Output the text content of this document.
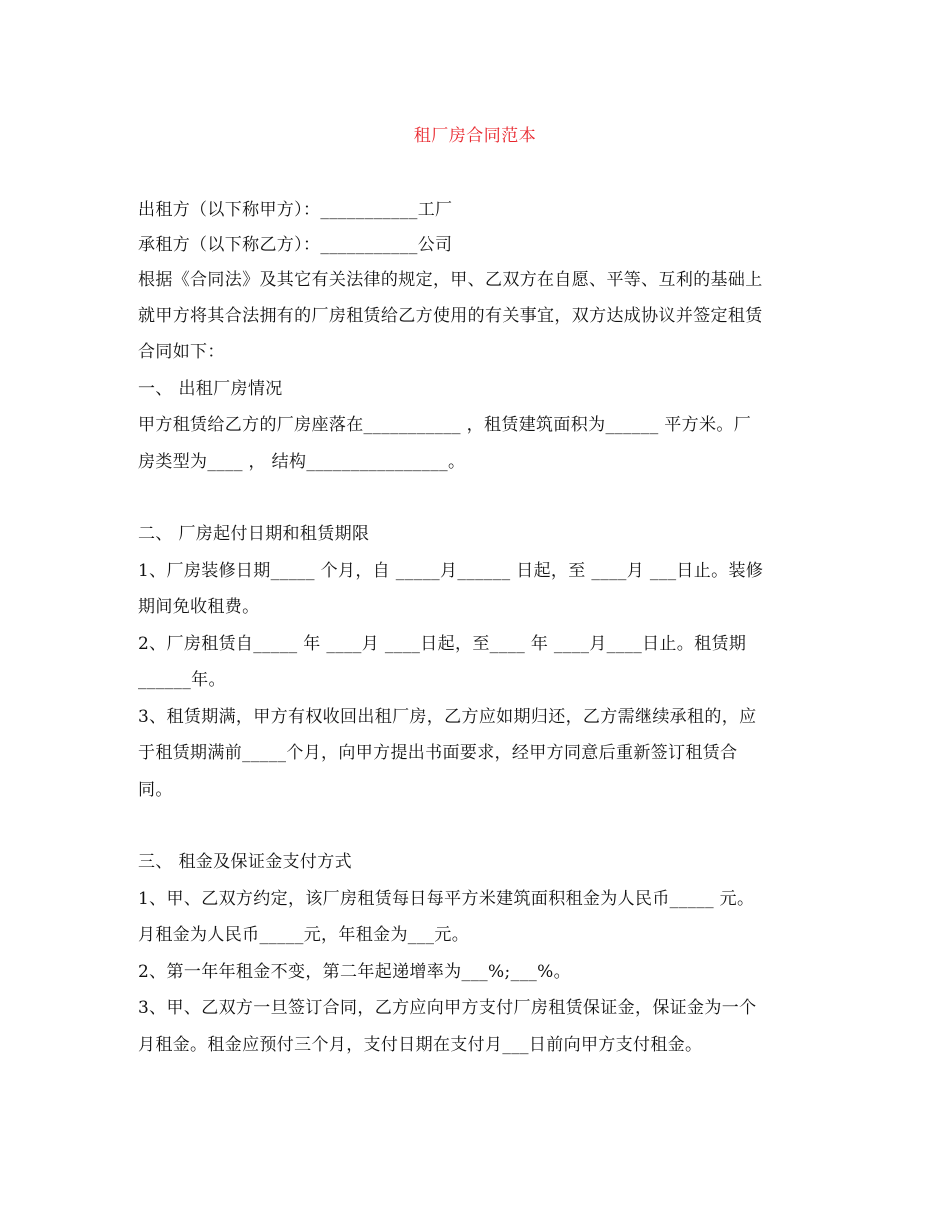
租厂房合同范本
出租方（以下称甲方）：___________工厂
承租方（以下称乙方）：___________公司
根据《合同法》及其它有关法律的规定，甲、乙双方在自愿、平等、互利的基础上
就甲方将其合法拥有的厂房租赁给乙方使用的有关事宜，双方达成协议并签定租赁
合同如下：
一、 出租厂房情况
甲方租赁给乙方的厂房座落在___________ ，租赁建筑面积为______ 平方米。厂
房类型为____ ， 结构________________。
二、 厂房起付日期和租赁期限
1、厂房装修日期_____ 个月，自 _____月______ 日起，至 ____月 ___日止。装修
期间免收租费。
2、厂房租赁自_____ 年 ____月 ____日起，至____ 年 ____月____日止。租赁期
______年。
3、租赁期满，甲方有权收回出租厂房，乙方应如期归还，乙方需继续承租的，应
于租赁期满前_____个月，向甲方提出书面要求，经甲方同意后重新签订租赁合
同。
三、 租金及保证金支付方式
1、甲、乙双方约定，该厂房租赁每日每平方米建筑面积租金为人民币_____ 元。
月租金为人民币_____元，年租金为___元。
2、第一年年租金不变，第二年起递增率为___%;___%。
3、甲、乙双方一旦签订合同，乙方应向甲方支付厂房租赁保证金，保证金为一个
月租金。租金应预付三个月，支付日期在支付月___日前向甲方支付租金。
